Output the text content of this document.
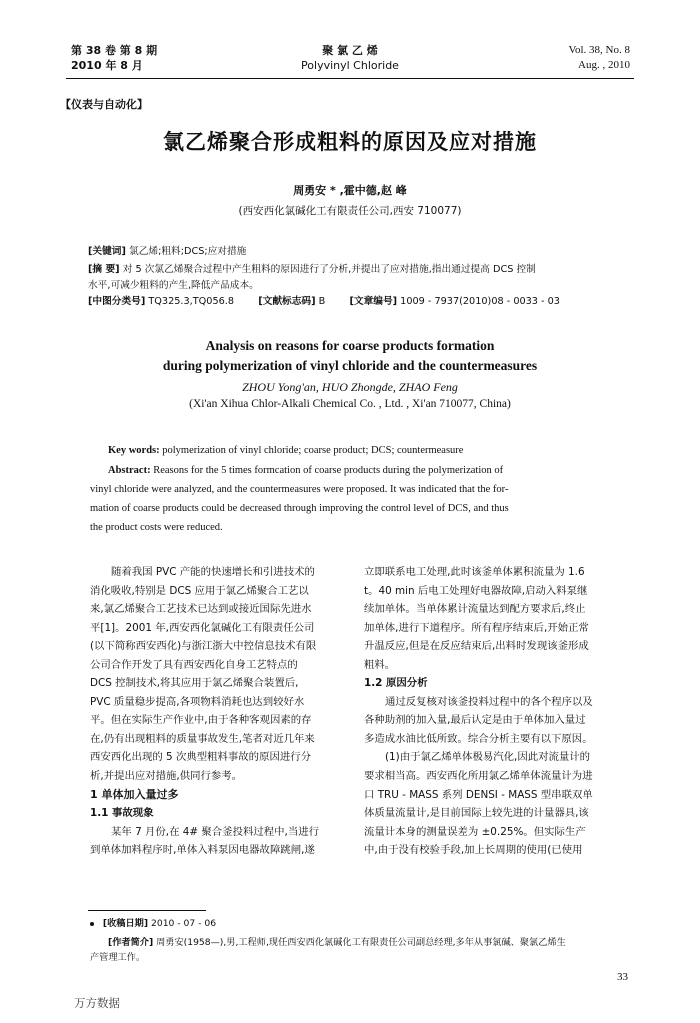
第 38 卷 第 8 期
2010 年 8 月
聚 氯 乙 烯
Polyvinyl Chloride
Vol. 38, No. 8
Aug. , 2010
【仪表与自动化】
氯乙烯聚合形成粗料的原因及应对措施
周勇安 * ,霍中德,赵 峰
(西安西化氯碱化工有限责任公司,西安 710077)
[关键词] 氯乙烯;粗料;DCS;应对措施
[摘 要] 对 5 次氯乙烯聚合过程中产生粗料的原因进行了分析,并提出了应对措施,指出通过提高 DCS 控制
水平,可减少粗料的产生,降低产品成本。
[中图分类号] TQ325.3,TQ056.8 [文献标志码] B [文章编号] 1009 - 7937(2010)08 - 0033 - 03
Analysis on reasons for coarse products formation
during polymerization of vinyl chloride and the countermeasures
ZHOU Yong'an, HUO Zhongde, ZHAO Feng
(Xi'an Xihua Chlor-Alkali Chemical Co. , Ltd. , Xi'an 710077, China)
Key words: polymerization of vinyl chloride; coarse product; DCS; countermeasure
Abstract: Reasons for the 5 times formcation of coarse products during the polymerization of
vinyl chloride were analyzed, and the countermeasures were proposed. It was indicated that the for-
mation of coarse products could be decreased through improving the control level of DCS, and thus
the product costs were reduced.
随着我国 PVC 产能的快速增长和引进技术的
消化吸收,特别是 DCS 应用于氯乙烯聚合工艺以
来,氯乙烯聚合工艺技术已达到或接近国际先进水
平[1]。2001 年,西安西化氯碱化工有限责任公司
(以下简称西安西化)与浙江浙大中控信息技术有限
公司合作开发了具有西安西化自身工艺特点的
DCS 控制技术,将其应用于氯乙烯聚合装置后,
PVC 质量稳步提高,各项物料消耗也达到较好水
平。但在实际生产作业中,由于各种客观因素的存
在,仍有出现粗料的质量事故发生,笔者对近几年来
西安西化出现的 5 次典型粗料事故的原因进行分
析,并提出应对措施,供同行参考。
1 单体加入量过多
1.1 事故现象
某年 7 月份,在 4# 聚合釜投料过程中,当进行
到单体加料程序时,单体入料泵因电器故障跳闸,遂
立即联系电工处理,此时该釜单体累积流量为 1.6
t。40 min 后电工处理好电器故障,启动入料泵继
续加单体。当单体累计流量达到配方要求后,终止
加单体,进行下道程序。所有程序结束后,开始正常
升温反应,但是在反应结束后,出料时发现该釜形成
粗料。
1.2 原因分析
通过反复核对该釜投料过程中的各个程序以及
各种助剂的加入量,最后认定是由于单体加入量过
多造成水油比低所致。综合分析主要有以下原因。
(1)由于氯乙烯单体极易汽化,因此对流量计的
要求相当高。西安西化所用氯乙烯单体流量计为进
口 TRU - MASS 系列 DENSI - MASS 型串联双单
体质量流量计,是目前国际上较先进的计量器具,该
流量计本身的测量误差为 ±0.25%。但实际生产
中,由于没有校验手段,加上长周期的使用(已使用
[收稿日期] 2010 - 07 - 06
[作者简介] 周勇安(1958—),男,工程师,现任西安西化氯碱化工有限责任公司副总经理,多年从事氯碱、聚氯乙烯生
产管理工作。
33
万方数据
